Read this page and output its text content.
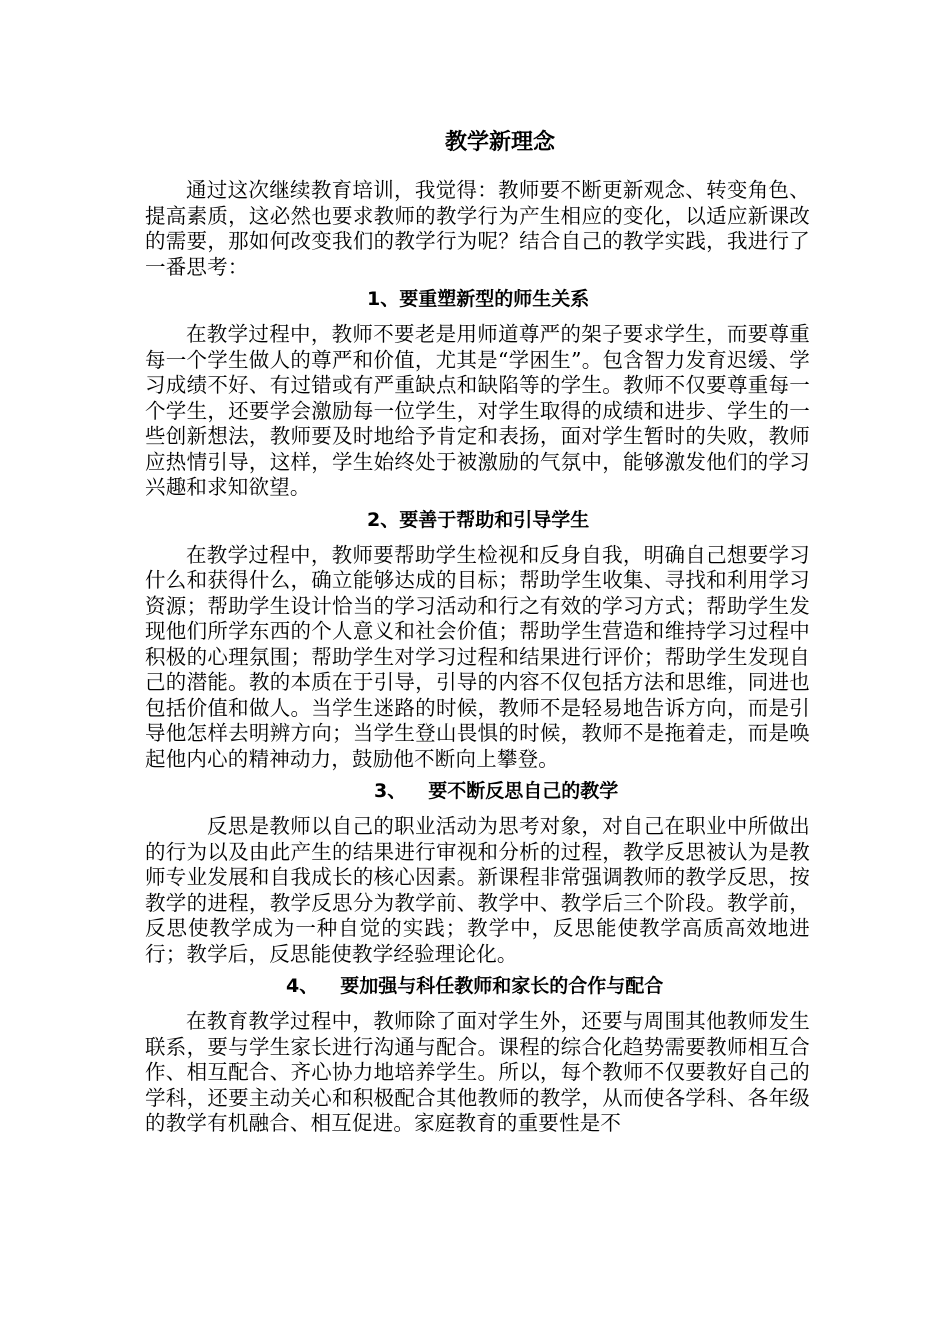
教学新理念

通过这次继续教育培训，我觉得：教师要不断更新观念、转变角色、提高素质，这必然也要求教师的教学行为产生相应的变化，以适应新课改的需要，那如何改变我们的教学行为呢？结合自己的教学实践，我进行了一番思考：

1、要重塑新型的师生关系

在教学过程中，教师不要老是用师道尊严的架子要求学生，而要尊重每一个学生做人的尊严和价值，尤其是“学困生”。包含智力发育迟缓、学习成绩不好、有过错或有严重缺点和缺陷等的学生。教师不仅要尊重每一个学生，还要学会激励每一位学生，对学生取得的成绩和进步、学生的一些创新想法，教师要及时地给予肯定和表扬，面对学生暂时的失败，教师应热情引导，这样，学生始终处于被激励的气氛中，能够激发他们的学习兴趣和求知欲望。

2、要善于帮助和引导学生

在教学过程中，教师要帮助学生检视和反身自我，明确自己想要学习什么和获得什么，确立能够达成的目标；帮助学生收集、寻找和利用学习资源；帮助学生设计恰当的学习活动和行之有效的学习方式；帮助学生发现他们所学东西的个人意义和社会价值；帮助学生营造和维持学习过程中积极的心理氛围；帮助学生对学习过程和结果进行评价；帮助学生发现自己的潜能。教的本质在于引导，引导的内容不仅包括方法和思维，同进也包括价值和做人。当学生迷路的时候，教师不是轻易地告诉方向，而是引导他怎样去明辨方向；当学生登山畏惧的时候，教师不是拖着走，而是唤起他内心的精神动力，鼓励他不断向上攀登。

3、 要不断反思自己的教学

反思是教师以自己的职业活动为思考对象，对自己在职业中所做出的行为以及由此产生的结果进行审视和分析的过程，教学反思被认为是教师专业发展和自我成长的核心因素。新课程非常强调教师的教学反思，按教学的进程，教学反思分为教学前、教学中、教学后三个阶段。教学前，反思使教学成为一种自觉的实践；教学中，反思能使教学高质高效地进行；教学后，反思能使教学经验理论化。

4、 要加强与科任教师和家长的合作与配合

在教育教学过程中，教师除了面对学生外，还要与周围其他教师发生联系，要与学生家长进行沟通与配合。课程的综合化趋势需要教师相互合作、相互配合、齐心协力地培养学生。所以，每个教师不仅要教好自己的学科，还要主动关心和积极配合其他教师的教学，从而使各学科、各年级的教学有机融合、相互促进。家庭教育的重要性是不
